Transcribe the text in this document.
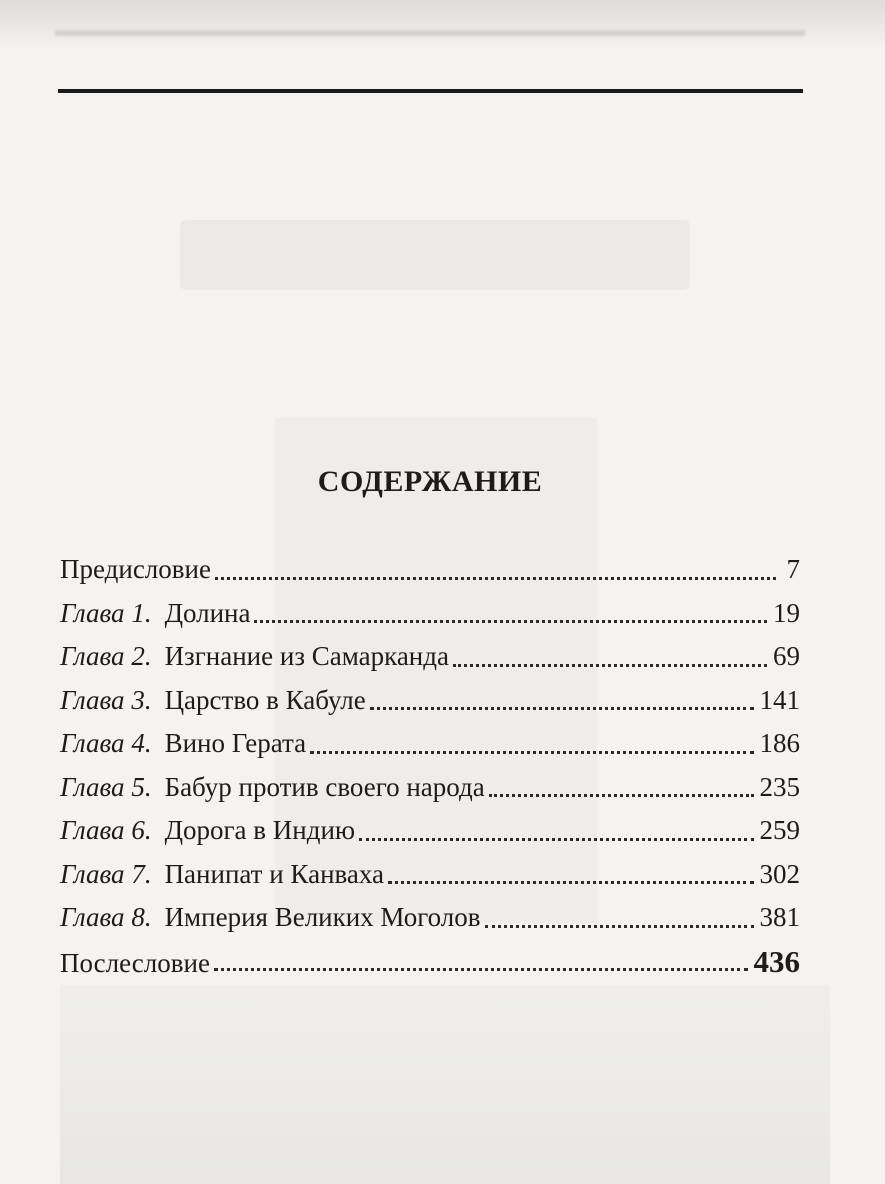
СОДЕРЖАНИЕ
Предисловие	7
Глава 1. Долина	19
Глава 2. Изгнание из Самарканда	69
Глава 3. Царство в Кабуле	141
Глава 4. Вино Герата	186
Глава 5. Бабур против своего народа	235
Глава 6. Дорога в Индию	259
Глава 7. Панипат и Канваха	302
Глава 8. Империя Великих Моголов	381
Послесловие	436
